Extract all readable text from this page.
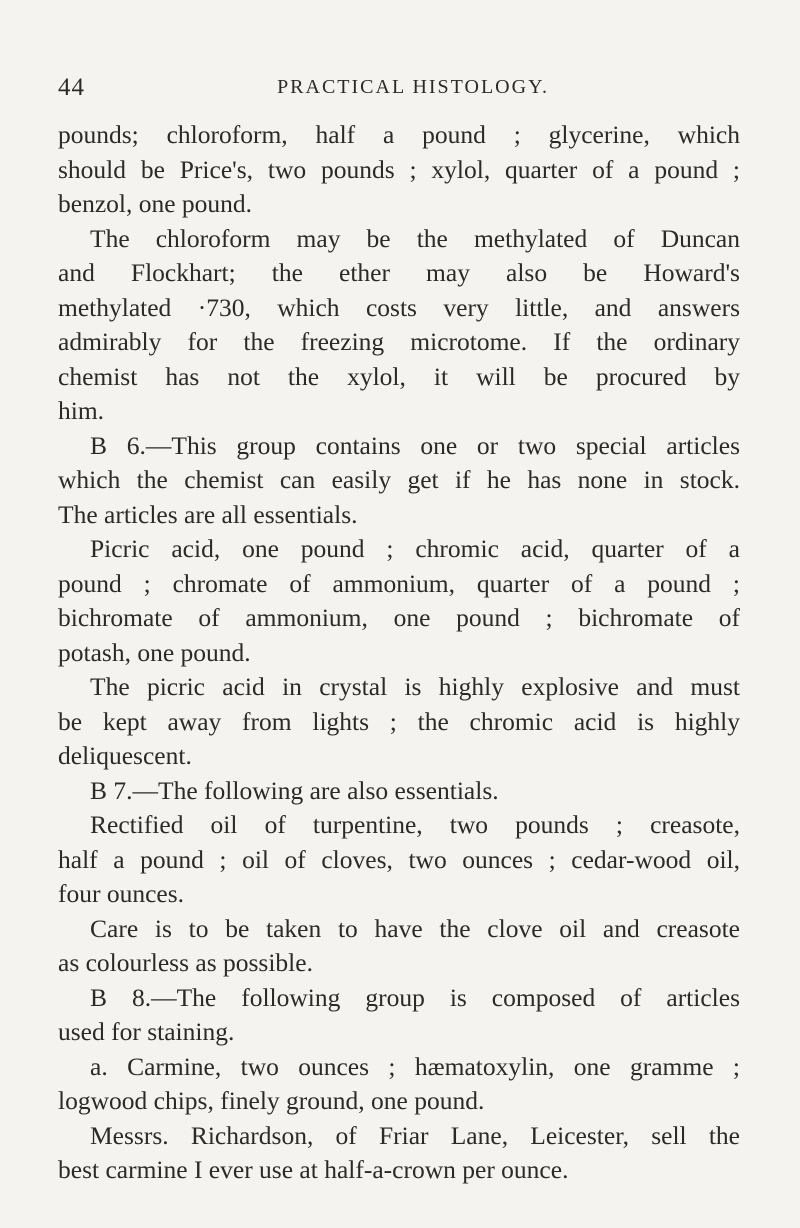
44	PRACTICAL HISTOLOGY.
pounds; chloroform, half a pound ; glycerine, which
should be Price's, two pounds ; xylol, quarter of a pound ;
benzol, one pound.
The chloroform may be the methylated of Duncan
and Flockhart; the ether may also be Howard's
methylated ·730, which costs very little, and answers
admirably for the freezing microtome. If the ordinary
chemist has not the xylol, it will be procured by
him.
B 6.—This group contains one or two special articles
which the chemist can easily get if he has none in stock.
The articles are all essentials.
Picric acid, one pound ; chromic acid, quarter of a
pound ; chromate of ammonium, quarter of a pound ;
bichromate of ammonium, one pound ; bichromate of
potash, one pound.
The picric acid in crystal is highly explosive and must
be kept away from lights ; the chromic acid is highly
deliquescent.
B 7.—The following are also essentials.
Rectified oil of turpentine, two pounds ; creasote,
half a pound ; oil of cloves, two ounces ; cedar-wood oil,
four ounces.
Care is to be taken to have the clove oil and creasote
as colourless as possible.
B 8.—The following group is composed of articles
used for staining.
a. Carmine, two ounces ; hæmatoxylin, one gramme ;
logwood chips, finely ground, one pound.
Messrs. Richardson, of Friar Lane, Leicester, sell the
best carmine I ever use at half-a-crown per ounce.
